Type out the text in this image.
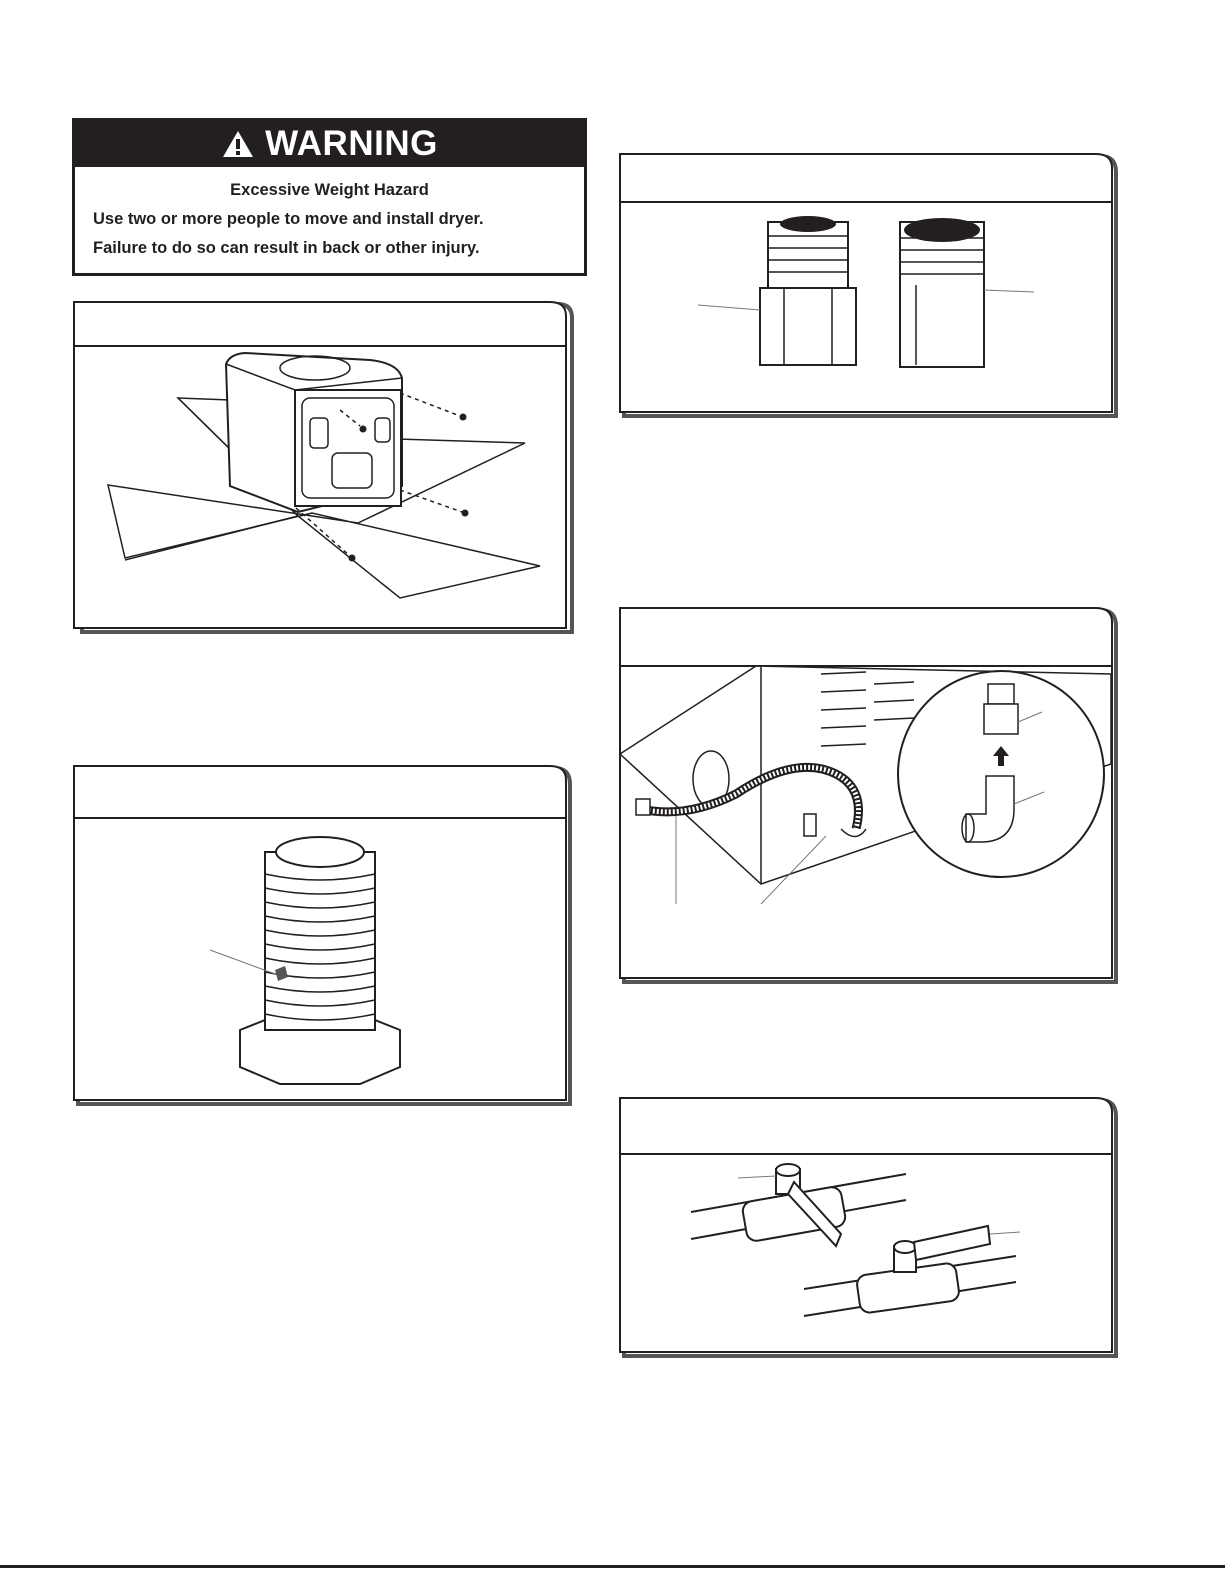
WARNING
Excessive Weight Hazard
Use two or more people to move and install dryer.
Failure to do so can result in back or other injury.
